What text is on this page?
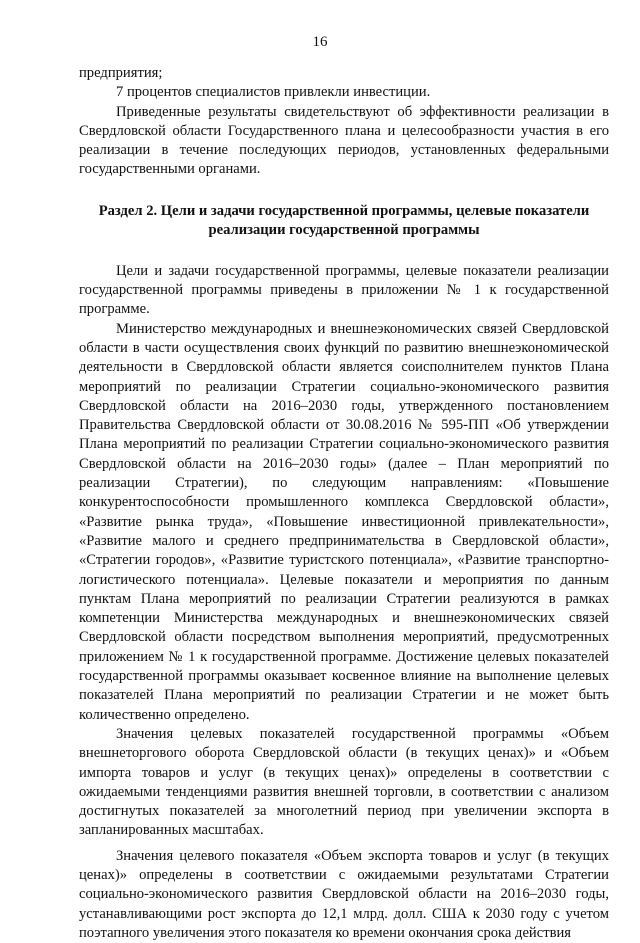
16

предприятия;

7 процентов специалистов привлекли инвестиции.

Приведенные результаты свидетельствуют об эффективности реализации в Свердловской области Государственного плана и целесообразности участия в его реализации в течение последующих периодов, установленных федеральными государственными органами.

Раздел 2. Цели и задачи государственной программы, целевые показатели реализации государственной программы

Цели и задачи государственной программы, целевые показатели реализации государственной программы приведены в приложении № 1 к государственной программе.

Министерство международных и внешнеэкономических связей Свердловской области в части осуществления своих функций по развитию внешнеэкономической деятельности в Свердловской области является соисполнителем пунктов Плана мероприятий по реализации Стратегии социально-экономического развития Свердловской области на 2016–2030 годы, утвержденного постановлением Правительства Свердловской области от 30.08.2016 № 595-ПП «Об утверждении Плана мероприятий по реализации Стратегии социально-экономического развития Свердловской области на 2016–2030 годы» (далее – План мероприятий по реализации Стратегии), по следующим направлениям: «Повышение конкурентоспособности промышленного комплекса Свердловской области», «Развитие рынка труда», «Повышение инвестиционной привлекательности», «Развитие малого и среднего предпринимательства в Свердловской области», «Стратегии городов», «Развитие туристского потенциала», «Развитие транспортно-логистического потенциала». Целевые показатели и мероприятия по данным пунктам Плана мероприятий по реализации Стратегии реализуются в рамках компетенции Министерства международных и внешнеэкономических связей Свердловской области посредством выполнения мероприятий, предусмотренных приложением № 1 к государственной программе. Достижение целевых показателей государственной программы оказывает косвенное влияние на выполнение целевых показателей Плана мероприятий по реализации Стратегии и не может быть количественно определено.

Значения целевых показателей государственной программы «Объем внешнеторгового оборота Свердловской области (в текущих ценах)» и «Объем импорта товаров и услуг (в текущих ценах)» определены в соответствии с ожидаемыми тенденциями развития внешней торговли, в соответствии с анализом достигнутых показателей за многолетний период при увеличении экспорта в запланированных масштабах.

Значения целевого показателя «Объем экспорта товаров и услуг (в текущих ценах)» определены в соответствии с ожидаемыми результатами Стратегии социально-экономического развития Свердловской области на 2016–2030 годы, устанавливающими рост экспорта до 12,1 млрд. долл. США к 2030 году с учетом поэтапного увеличения этого показателя ко времени окончания срока действия
